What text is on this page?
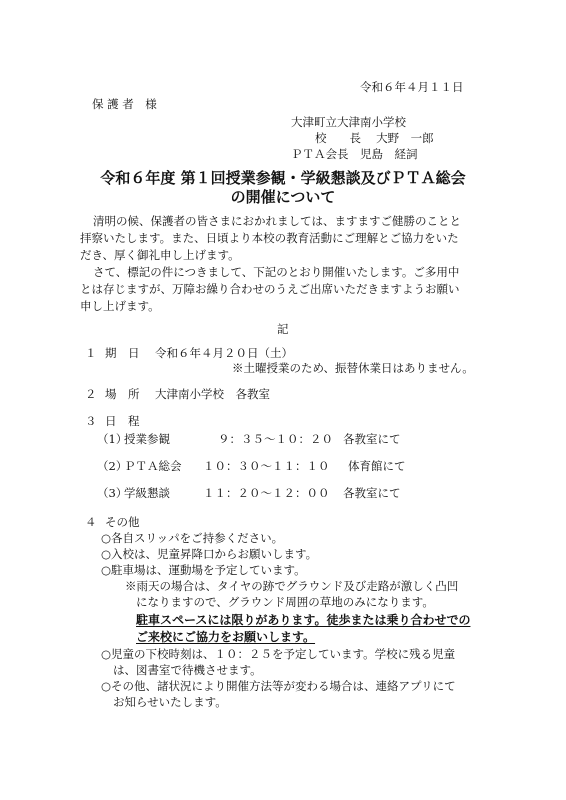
令和６年４月１１日
保 護 者　様
大津町立大津南小学校
校　　長　 大野　一郎
ＰＴＡ会長　児島　経詞
令和６年度 第１回授業参観・学級懇談及びＰＴＡ総会
の開催について
清明の候、保護者の皆さまにおかれましては、ますますご健勝のことと
拝察いたします。また、日頃より本校の教育活動にご理解とご協力をいた
だき、厚く御礼申し上げます。
さて、標記の件につきまして、下記のとおり開催いたします。ご多用中
とは存じますが、万障お繰り合わせのうえご出席いただきますようお願い
申し上げます。
記
１ 期　日 令和６年４月２０日（土）
※土曜授業のため、振替休業日はありません。
２ 場　所 大津南小学校　各教室
３ 日　程
（1）
授業参観	９：３５～１０：２０ 各教室にて
（2）
ＰＴＡ総会 １０：３０～１１：１０ 体育館にて
（3）
学級懇談	１１：２０～１２：００ 各教室にて
４ その他
○各自スリッパをご持参ください。
○入校は、児童昇降口からお願いします。
○駐車場は、運動場を予定しています。
※雨天の場合は、タイヤの跡でグラウンド及び走路が激しく凸凹
になりますので、グラウンド周囲の草地のみになります。
駐車スペースには限りがあります。徒歩または乗り合わせでの
ご来校にご協力をお願いします。
○児童の下校時刻は、１０：２５を予定しています。学校に残る児童
は、図書室で待機させます。
○その他、諸状況により開催方法等が変わる場合は、連絡アプリにて
お知らせいたします。
